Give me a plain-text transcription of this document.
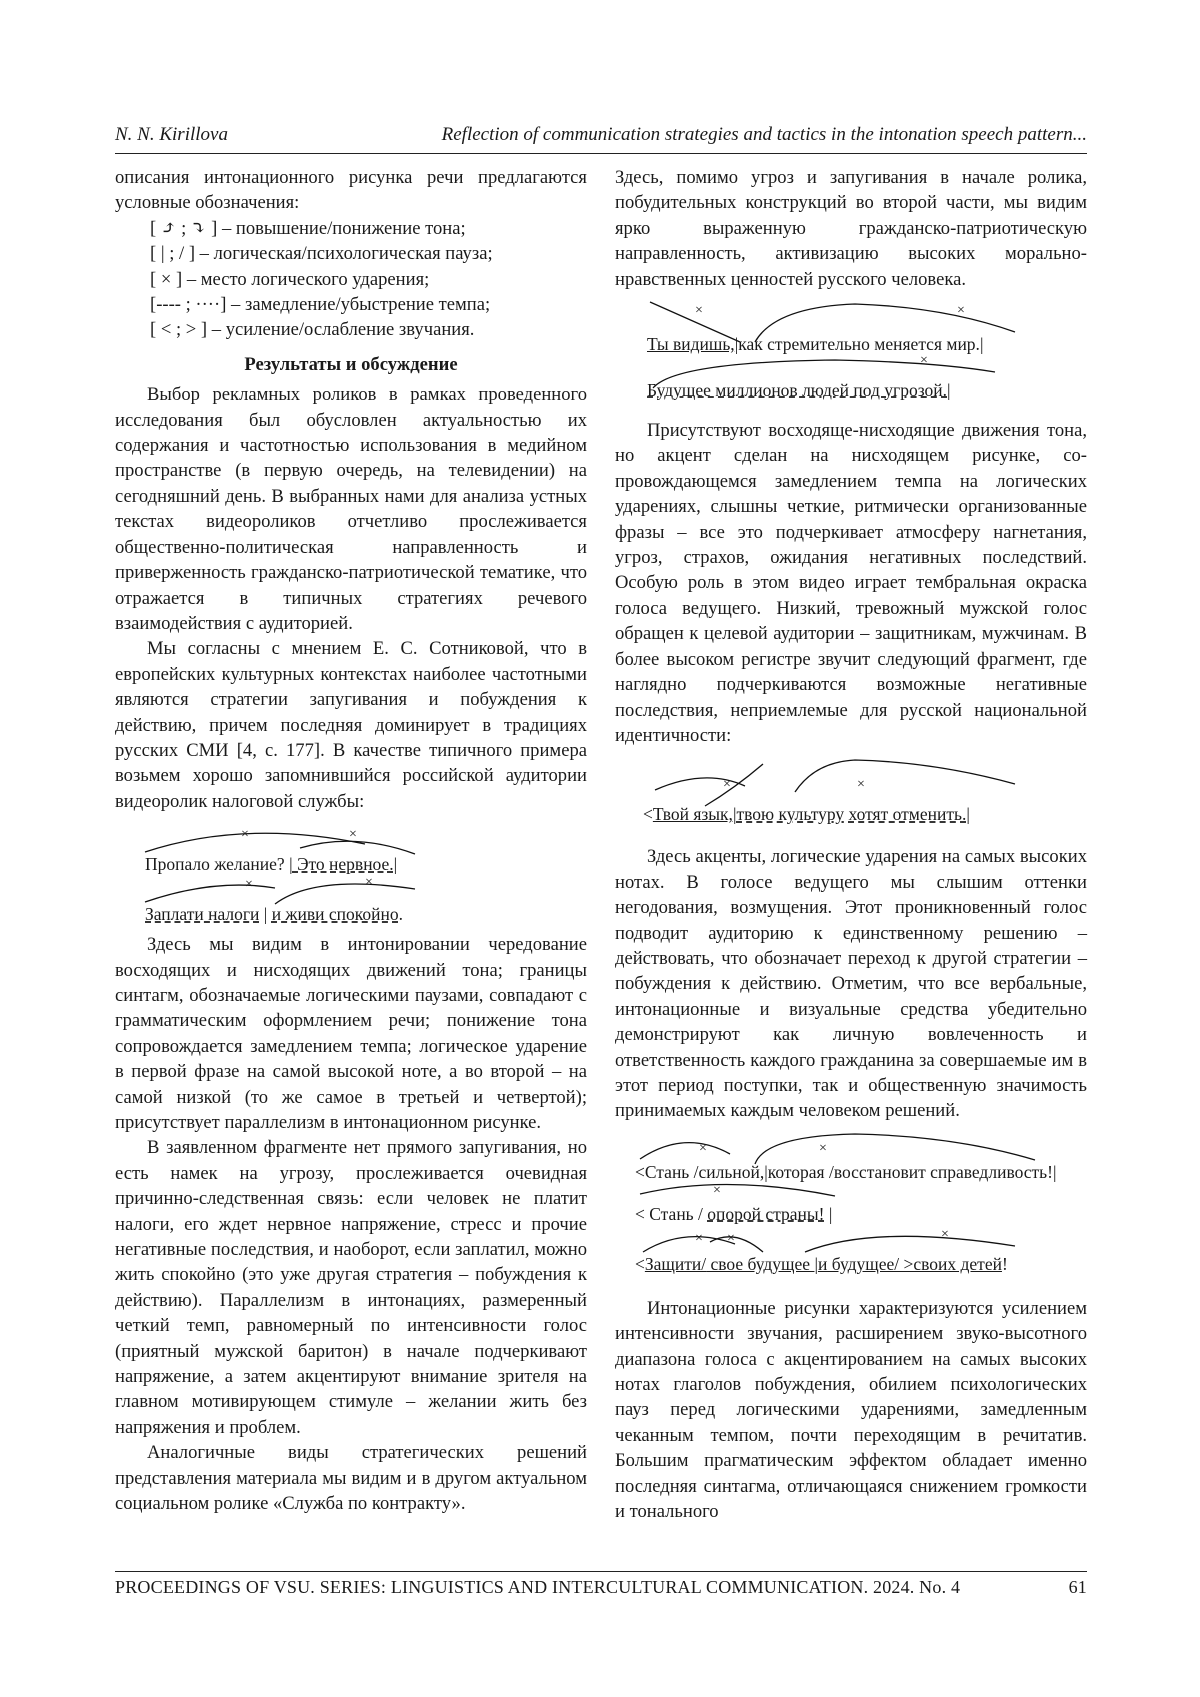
N. N. Kirillova	Reflection of communication strategies and tactics in the intonation speech pattern...

описания интонационного рисунка речи предлагают­ся условные обозначения:

[ ⤴ ; ⤵ ] – повышение/понижение тона;
[ | ; / ] – логическая/психологическая пауза;
[ × ] – место логического ударения;
[---- ; ····] – замедление/убыстрение темпа;
[ < ; > ] – усиление/ослабление звучания.
Результаты и обсуждение

Выбор рекламных роликов в рамках проведенно­го исследования был обусловлен актуальностью их содержания и частотностью использования в медий­ном пространстве (в первую очередь, на телевидении) на сегодняшний день. В выбранных нами для анали­за устных текстах видеороликов отчетливо просле­живается общественно-политическая направленность и приверженность гражданско-патриотической тема­тике, что отражается в типичных стратегиях речево­го взаимодействия с аудиторией.

Мы согласны с мнением Е. С. Сотниковой, что в европейских культурных контекстах наиболее частот­ными являются стратегии запугивания и побуждения к действию, причем последняя доминирует в тради­циях русских СМИ [4, с. 177]. В качестве типичного примера возьмем хорошо запомнившийся российской аудитории видеоролик налоговой службы:

×	×
×	×
Пропало желание? | Это нервное.|
Заплати налоги | и живи спокойно.

Здесь мы видим в интонировании чередование восходящих и нисходящих движений тона; границы синтагм, обозначаемые логическими паузами, совпа­дают с грамматическим оформлением речи; пониже­ние тона сопровождается замедлением темпа; логи­ческое ударение в первой фразе на самой высокой ноте, а во второй – на самой низкой (то же самое в третьей и четвертой); присутствует параллелизм в интонационном рисунке.

В заявленном фрагменте нет прямого запугива­ния, но есть намек на угрозу, прослеживается очевид­ная причинно-следственная связь: если человек не платит налоги, его ждет нервное напряжение, стресс и прочие негативные последствия, и наоборот, если заплатил, можно жить спокойно (это уже другая стра­тегия – побуждения к действию). Параллелизм в интонациях, размеренный четкий темп, равномерный по интенсивности голос (приятный мужской баритон) в начале подчеркивают напряжение, а затем акценти­руют внимание зрителя на главном мотивирующем стимуле – желании жить без напряжения и проблем.

Аналогичные виды стратегических решений представления материала мы видим и в другом акту­альном социальном ролике «Служба по контракту».

Здесь, помимо угроз и запугивания в начале ролика, побудительных конструкций во второй части, мы видим ярко выраженную гражданско-патриотическую направленность, активизацию высоких мораль­но-нравственных ценностей русского человека.

×	×
×
Ты видишь,|как стремительно меняется мир.|
Будущее миллионов людей под угрозой.|

Присутствуют восходяще-нисходящие движения тона, но акцент сделан на нисходящем рисунке, со­провождающемся замедлением темпа на логических ударениях, слышны четкие, ритмически организован­ные фразы – все это подчеркивает атмосферу нагне­тания, угроз, страхов, ожидания негативных послед­ствий. Особую роль в этом видео играет тембральная окраска голоса ведущего. Низкий, тревожный муж­ской голос обращен к целевой аудитории – защитни­кам, мужчинам. В более высоком регистре звучит следующий фрагмент, где наглядно подчеркиваются возможные негативные последствия, неприемлемые для русской национальной идентичности:

×	×
<Твой язык,|твою культуру хотят отменить.|

Здесь акценты, логические ударения на самых высоких нотах. В голосе ведущего мы слышим от­тенки негодования, возмущения. Этот проникновен­ный голос подводит аудиторию к единственному решению – действовать, что обозначает переход к другой стратегии – побуждения к действию. Отметим, что все вербальные, интонационные и визуальные средства убедительно демонстрируют как личную вовлеченность и ответственность каждого граждани­на за совершаемые им в этот период поступки, так и общественную значимость принимаемых каждым человеком решений.

×	×
×
× ×	×
<Стань /сильной,|которая /восстановит справедливость!|
< Стань / опорой страны! |
<Защити/ свое будущее |и будущее/ >своих детей!

Интонационные рисунки характеризуются уси­лением интенсивности звучания, расширением зву­ко-высотного диапазона голоса с акцентированием на самых высоких нотах глаголов побуждения, оби­лием психологических пауз перед логическими уда­рениями, замедленным чеканным темпом, почти переходящим в речитатив. Большим прагматическим эффектом обладает именно последняя синтагма, от­личающаяся снижением громкости и тонального

PROCEEDINGS OF VSU. SERIES: LINGUISTICS AND INTERCULTURAL COMMUNICATION. 2024. No. 4	61
